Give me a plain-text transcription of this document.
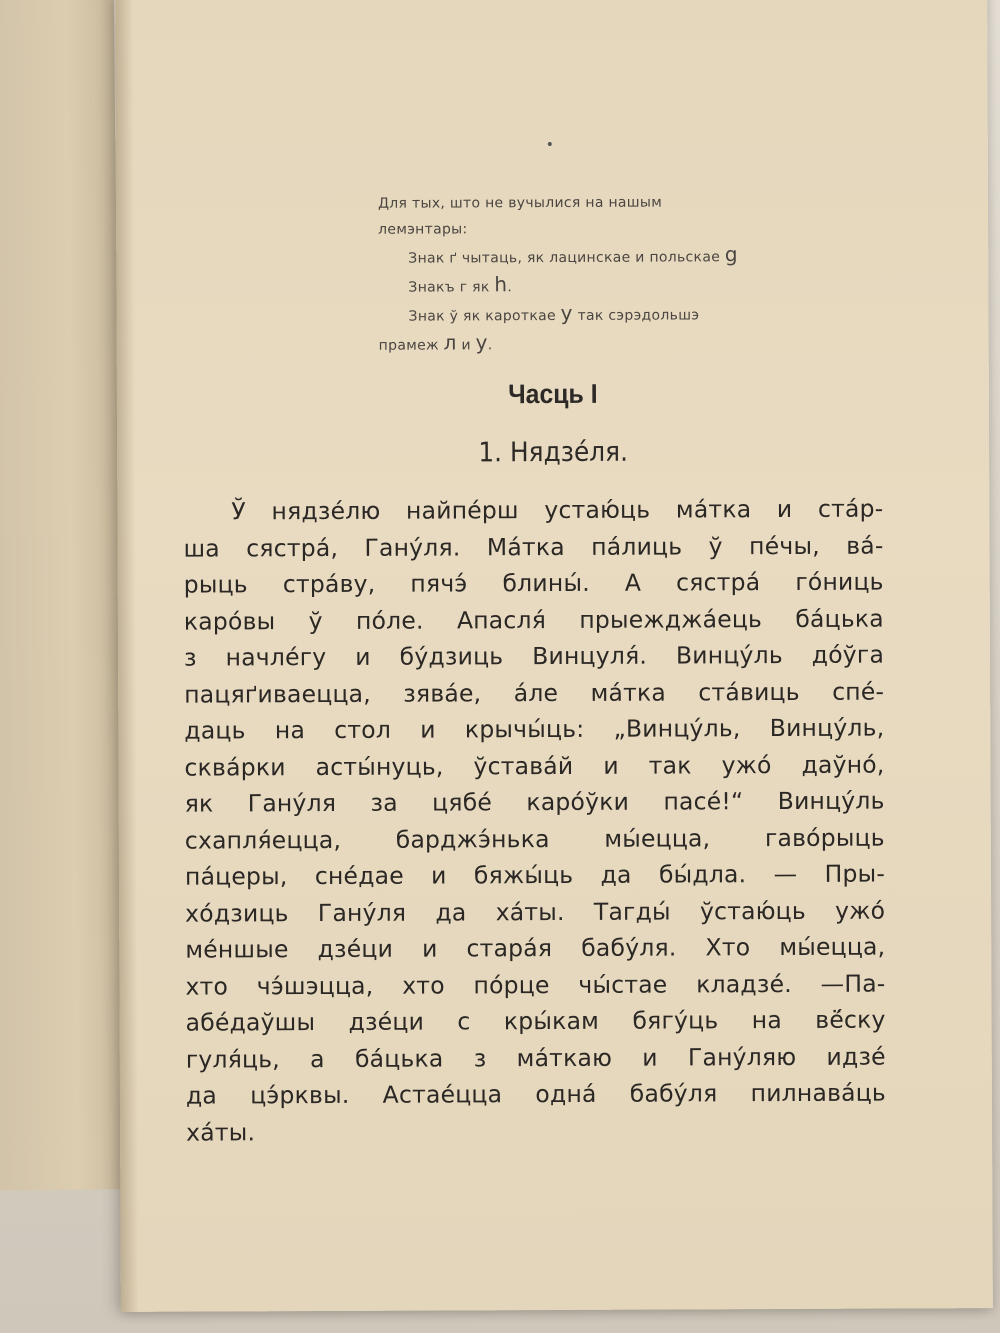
Для тых, што не вучылися на нашым

лемэнтары:

Знак ґ чытаць, як лацинскае и польскае g

Знакъ г як h.

Знак ў як кароткае у так сэрэдольшэ

прамеж л и у.

Часць I
1. Нядзе́ля.
Ў нядзе́лю найпе́рш устаю́ць ма́тка и ста́р-
ша сястра́, Гану́ля. Ма́тка па́лиць ў пе́чы, ва́-
рыць стра́ву, пячэ́ блины́. А сястра́ го́ниць
каро́вы ў по́ле. Апасля́ прыежджа́ець ба́цька
з начле́гу и бу́дзиць Винцуля́. Винцу́ль до́ўга
пацяґиваецца, зява́е, а́ле ма́тка ста́виць спе́-
даць на стол и крычы́ць: „Винцу́ль, Винцу́ль,
сква́рки асты́нуць, ўстава́й и так ужо́ даўно́,
як Гану́ля за цябе́ каро́ўки пасе́!“ Винцу́ль
схапля́ецца, барджэ́нька мы́ецца, гаво́рыць
па́церы, сне́дае и бяжы́ць да бы́дла. — Пры-
хо́дзиць Гану́ля да ха́ты. Тагды́ ўстаю́ць ужо́
ме́ншые дзе́ци и стара́я бабу́ля. Хто мы́ецца,
хто чэ́шэцца, хто по́рце чы́стае кладзе́. —Па-
абе́даўшы дзе́ци с кры́кам бягу́ць на вё́ску
гуля́ць, а ба́цька з ма́ткаю и Гану́ляю идзе́
да цэ́рквы. Астае́цца одна́ бабу́ля пилнава́ць
ха́ты.
